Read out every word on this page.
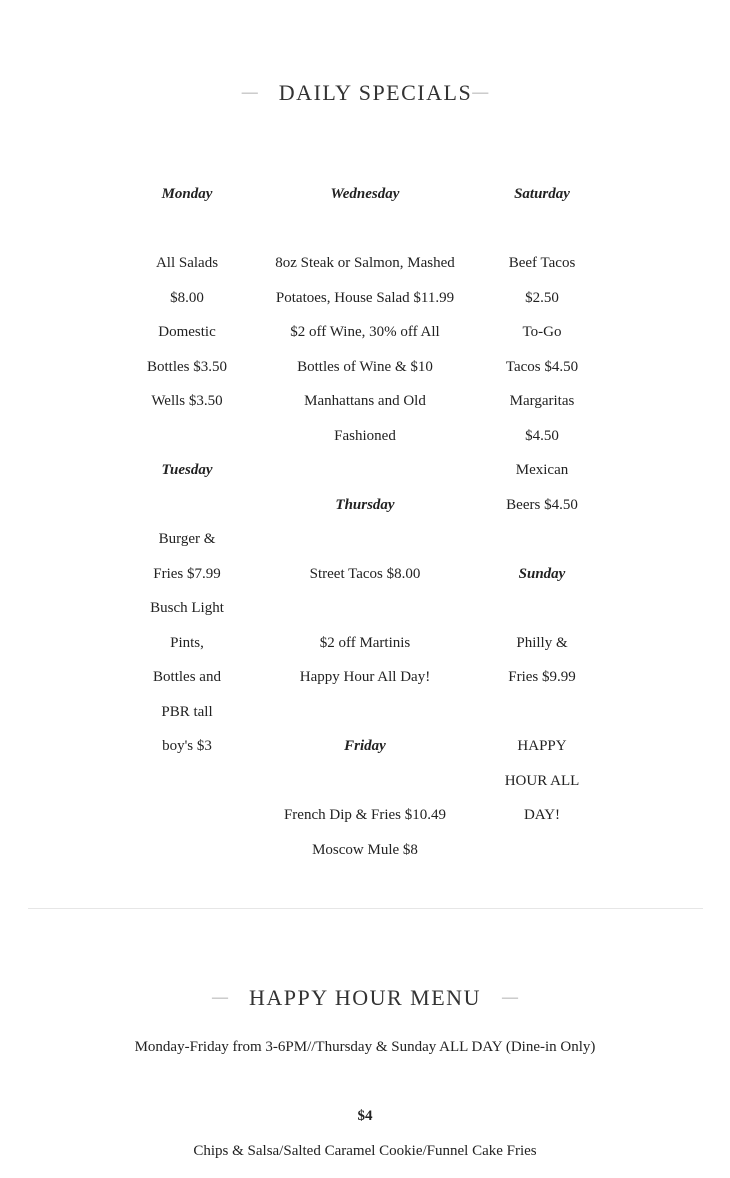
— DAILY SPECIALS—
Monday
All Salads
$8.00
Domestic
Bottles $3.50
Wells $3.50
Tuesday
Burger &
Fries $7.99
Busch Light
Pints,
Bottles and
PBR tall
boy's $3
Wednesday
8oz Steak or Salmon, Mashed
Potatoes, House Salad $11.99
$2 off Wine, 30% off All
Bottles of Wine & $10
Manhattans and Old
Fashioned
Thursday
Street Tacos $8.00
$2 off Martinis
Happy Hour All Day!
Friday
French Dip & Fries $10.49
Moscow Mule $8
Saturday
Beef Tacos
$2.50
To-Go
Tacos $4.50
Margaritas
$4.50
Mexican
Beers $4.50
Sunday
Philly &
Fries $9.99
HAPPY
HOUR ALL
DAY!
— HAPPY HOUR MENU —
Monday-Friday from 3-6PM//Thursday & Sunday ALL DAY (Dine-in Only)
$4
Chips & Salsa/Salted Caramel Cookie/Funnel Cake Fries
